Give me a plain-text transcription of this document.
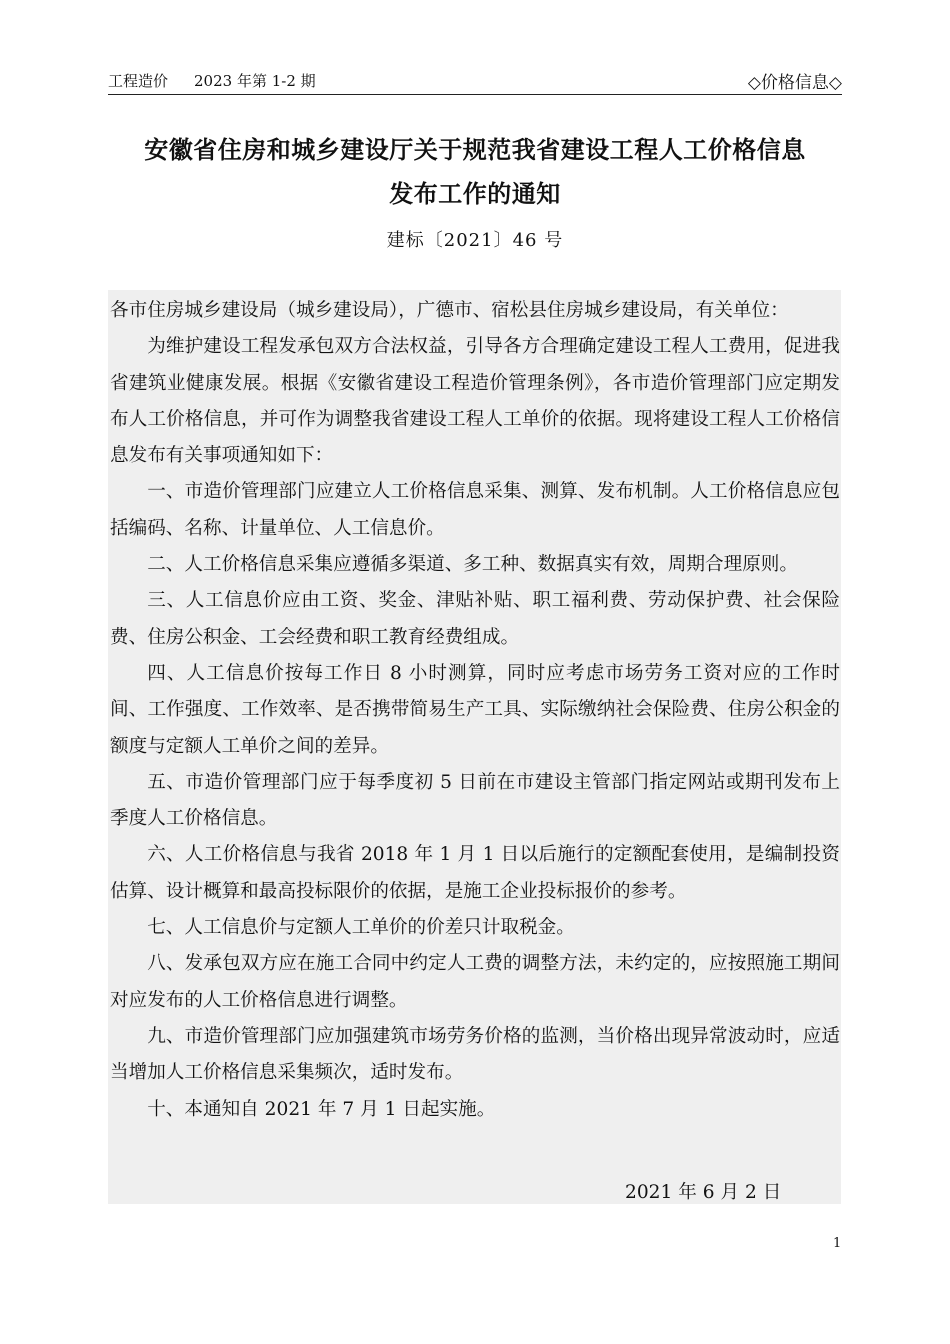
工程造价 2023 年第 1-2 期	◇价格信息◇
安徽省住房和城乡建设厅关于规范我省建设工程人工价格信息
发布工作的通知
建标〔2021〕46 号

各市住房城乡建设局（城乡建设局），广德市、宿松县住房城乡建设局，有关单位：

为维护建设工程发承包双方合法权益，引导各方合理确定建设工程人工费用，促进我省建筑业健康发展。根据《安徽省建设工程造价管理条例》，各市造价管理部门应定期发布人工价格信息，并可作为调整我省建设工程人工单价的依据。现将建设工程人工价格信息发布有关事项通知如下：

一、市造价管理部门应建立人工价格信息采集、测算、发布机制。人工价格信息应包括编码、名称、计量单位、人工信息价。

二、人工价格信息采集应遵循多渠道、多工种、数据真实有效，周期合理原则。

三、人工信息价应由工资、奖金、津贴补贴、职工福利费、劳动保护费、社会保险费、住房公积金、工会经费和职工教育经费组成。

四、人工信息价按每工作日 8 小时测算，同时应考虑市场劳务工资对应的工作时间、工作强度、工作效率、是否携带简易生产工具、实际缴纳社会保险费、住房公积金的额度与定额人工单价之间的差异。

五、市造价管理部门应于每季度初 5 日前在市建设主管部门指定网站或期刊发布上季度人工价格信息。

六、人工价格信息与我省 2018 年 1 月 1 日以后施行的定额配套使用，是编制投资估算、设计概算和最高投标限价的依据，是施工企业投标报价的参考。

七、人工信息价与定额人工单价的价差只计取税金。

八、发承包双方应在施工合同中约定人工费的调整方法，未约定的，应按照施工期间对应发布的人工价格信息进行调整。

九、市造价管理部门应加强建筑市场劳务价格的监测，当价格出现异常波动时，应适当增加人工价格信息采集频次，适时发布。

十、本通知自 2021 年 7 月 1 日起实施。

2021 年 6 月 2 日
1
